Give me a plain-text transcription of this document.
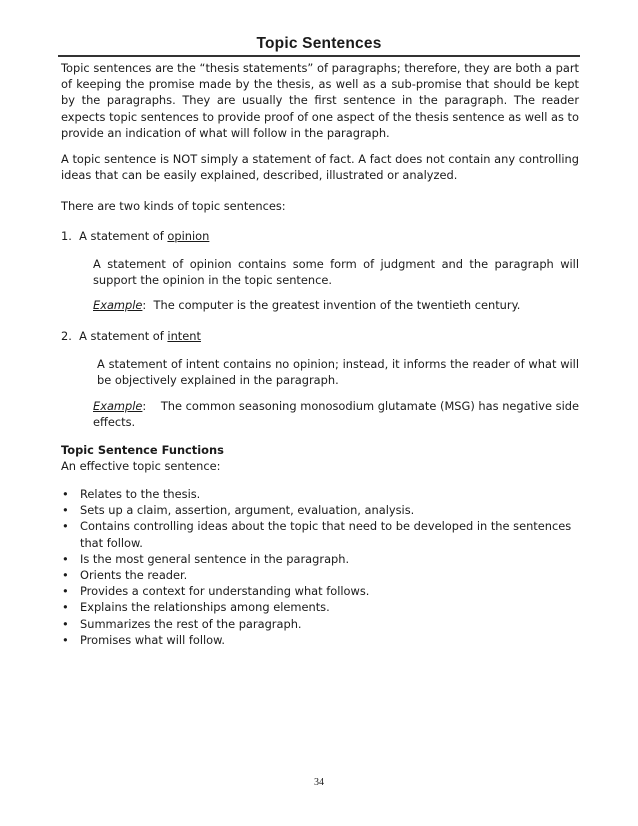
Topic Sentences
Topic sentences are the “thesis statements” of paragraphs; therefore, they are both a part of keeping the promise made by the thesis, as well as a sub-promise that should be kept by the paragraphs. They are usually the first sentence in the paragraph. The reader expects topic sentences to provide proof of one aspect of the thesis sentence as well as to provide an indication of what will follow in the paragraph.
A topic sentence is NOT simply a statement of fact. A fact does not contain any controlling ideas that can be easily explained, described, illustrated or analyzed.
There are two kinds of topic sentences:
1. A statement of opinion
A statement of opinion contains some form of judgment and the paragraph will support the opinion in the topic sentence.
Example:  The computer is the greatest invention of the twentieth century.
2. A statement of intent
A statement of intent contains no opinion; instead, it informs the reader of what will be objectively explained in the paragraph.
Example:    The common seasoning monosodium glutamate (MSG) has negative side effects.
Topic Sentence Functions
An effective topic sentence:
• Relates to the thesis.
• Sets up a claim, assertion, argument, evaluation, analysis.
• Contains controlling ideas about the topic that need to be developed in the sentences that follow.
• Is the most general sentence in the paragraph.
• Orients the reader.
• Provides a context for understanding what follows.
• Explains the relationships among elements.
• Summarizes the rest of the paragraph.
• Promises what will follow.
34
